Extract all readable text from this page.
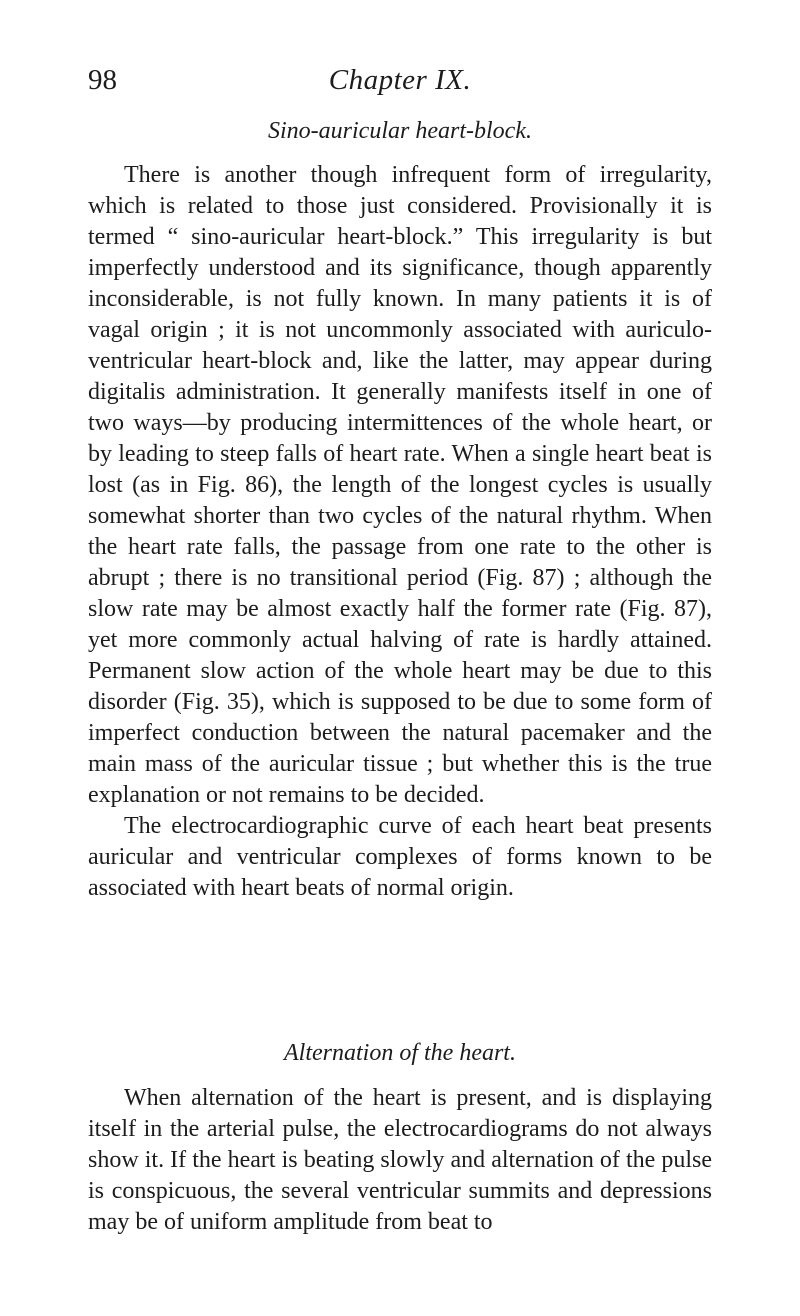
98	Chapter IX.
Sino-auricular heart-block.

There is another though infrequent form of irregularity, which is related to those just considered. Provisionally it is termed “ sino-auricular heart-block.” This irregularity is but imperfectly understood and its significance, though apparently inconsiderable, is not fully known. In many patients it is of vagal origin ; it is not uncommonly associated with auriculo-ventricular heart-block and, like the latter, may appear during digitalis administration. It generally manifests itself in one of two ways—by producing intermittences of the whole heart, or by leading to steep falls of heart rate. When a single heart beat is lost (as in Fig. 86), the length of the longest cycles is usually somewhat shorter than two cycles of the natural rhythm. When the heart rate falls, the passage from one rate to the other is abrupt ; there is no transitional period (Fig. 87) ; although the slow rate may be almost exactly half the former rate (Fig. 87), yet more commonly actual halving of rate is hardly attained. Permanent slow action of the whole heart may be due to this disorder (Fig. 35), which is supposed to be due to some form of imperfect conduction between the natural pacemaker and the main mass of the auricular tissue ; but whether this is the true explanation or not remains to be decided.

The electrocardiographic curve of each heart beat presents auricular and ventricular complexes of forms known to be associated with heart beats of normal origin.

Alternation of the heart.

When alternation of the heart is present, and is displaying itself in the arterial pulse, the electrocardiograms do not always show it. If the heart is beating slowly and alternation of the pulse is conspicuous, the several ventricular summits and depressions may be of uniform amplitude from beat to
